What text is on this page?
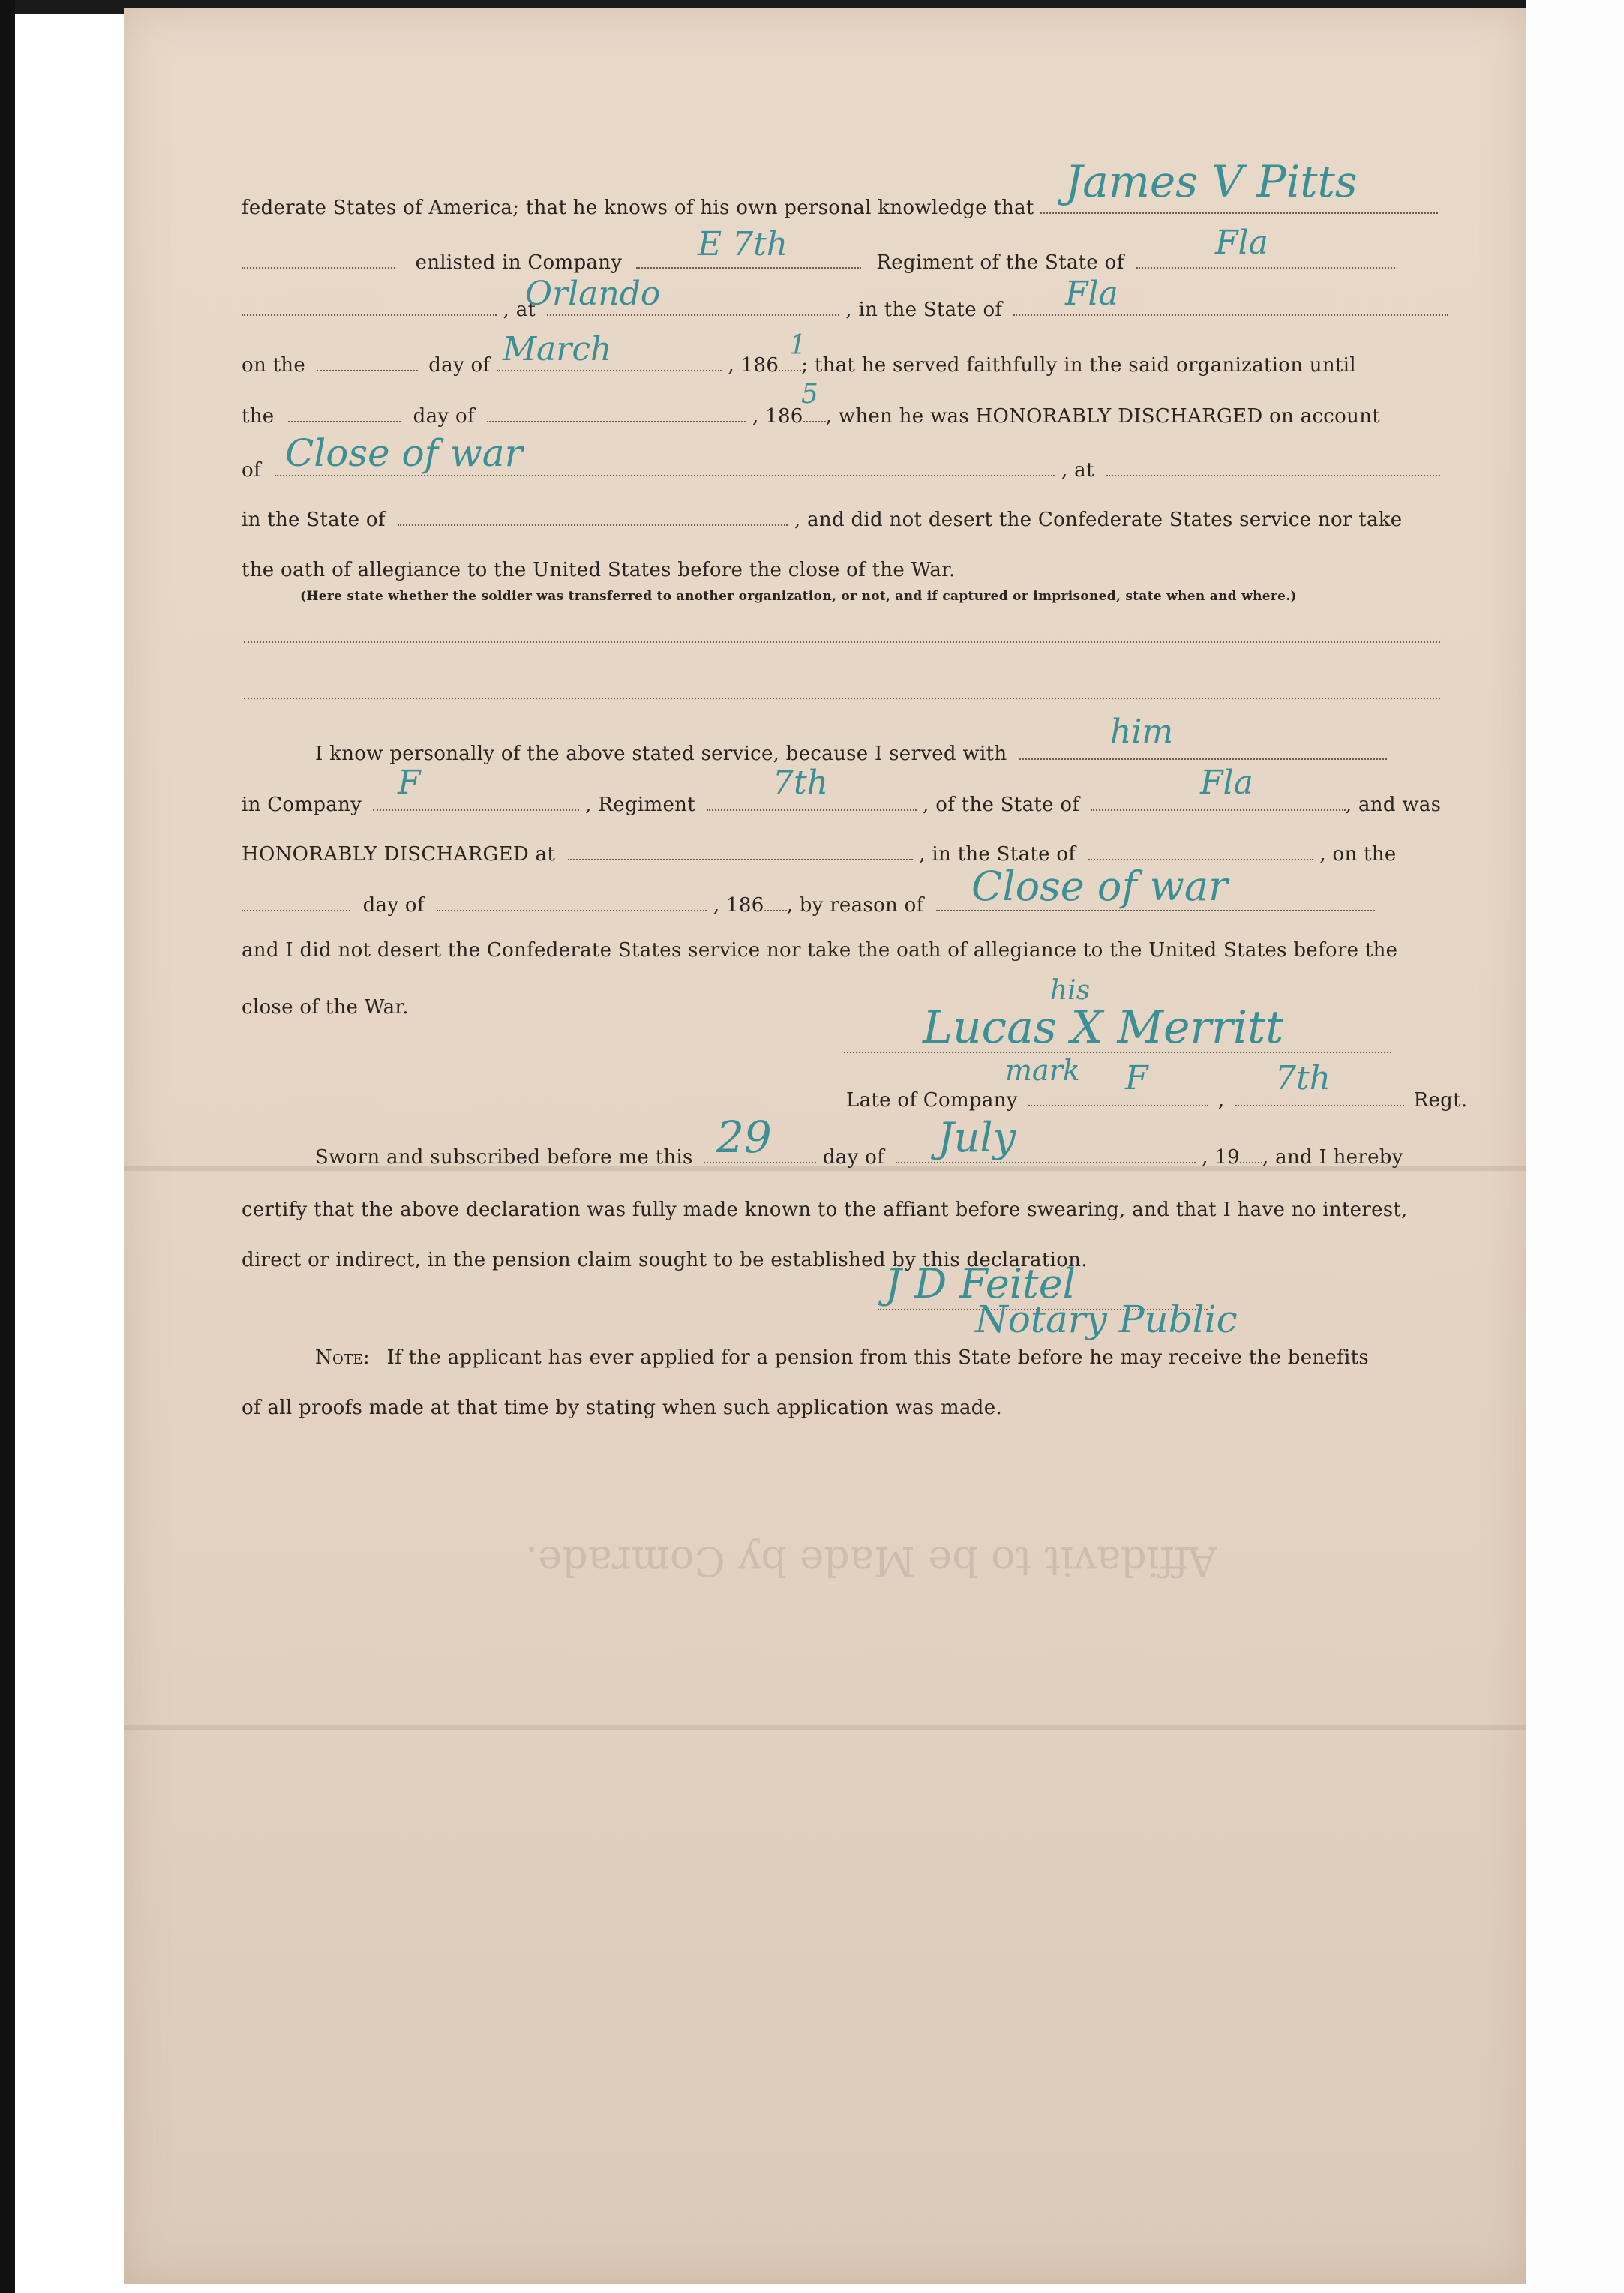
Affidavit to be Made by Comrade.
federate States of America; that he knows of his own personal knowledge that
James V Pitts
enlisted in Company	Regiment of the State of
E 7th	Fla
, at	, in the State of
Orlando	Fla
on the	day of	, 186 ; that he served faithfully in the said organization until
March	1
the	day of	, 186 , when he was HONORABLY DISCHARGED on account
5
of	, at
Close of war
in the State of	, and did not desert the Confederate States service nor take
the oath of allegiance to the United States before the close of the War.
(Here state whether the soldier was transferred to another organization, or not, and if captured or imprisoned, state when and where.)
I know personally of the above stated service, because I served with
him
in Company	, Regiment	, of the State of	, and was
F	7th	Fla
HONORABLY DISCHARGED at	, in the State of	, on the
day of	, 186 , by reason of	Close of war
and I did not desert the Confederate States service nor take the oath of allegiance to the United States before the
close of the War.
his
Lucas X Merritt
mark
Late of Company	,	Regt.
F	7th
Sworn and subscribed before me this	day of	, 19 , and I hereby
29	July
certify that the above declaration was fully made known to the affiant before swearing, and that I have no interest,
direct or indirect, in the pension claim sought to be established by this declaration.
J D Feitel
Notary Public
Note: If the applicant has ever applied for a pension from this State before he may receive the benefits
of all proofs made at that time by stating when such application was made.
